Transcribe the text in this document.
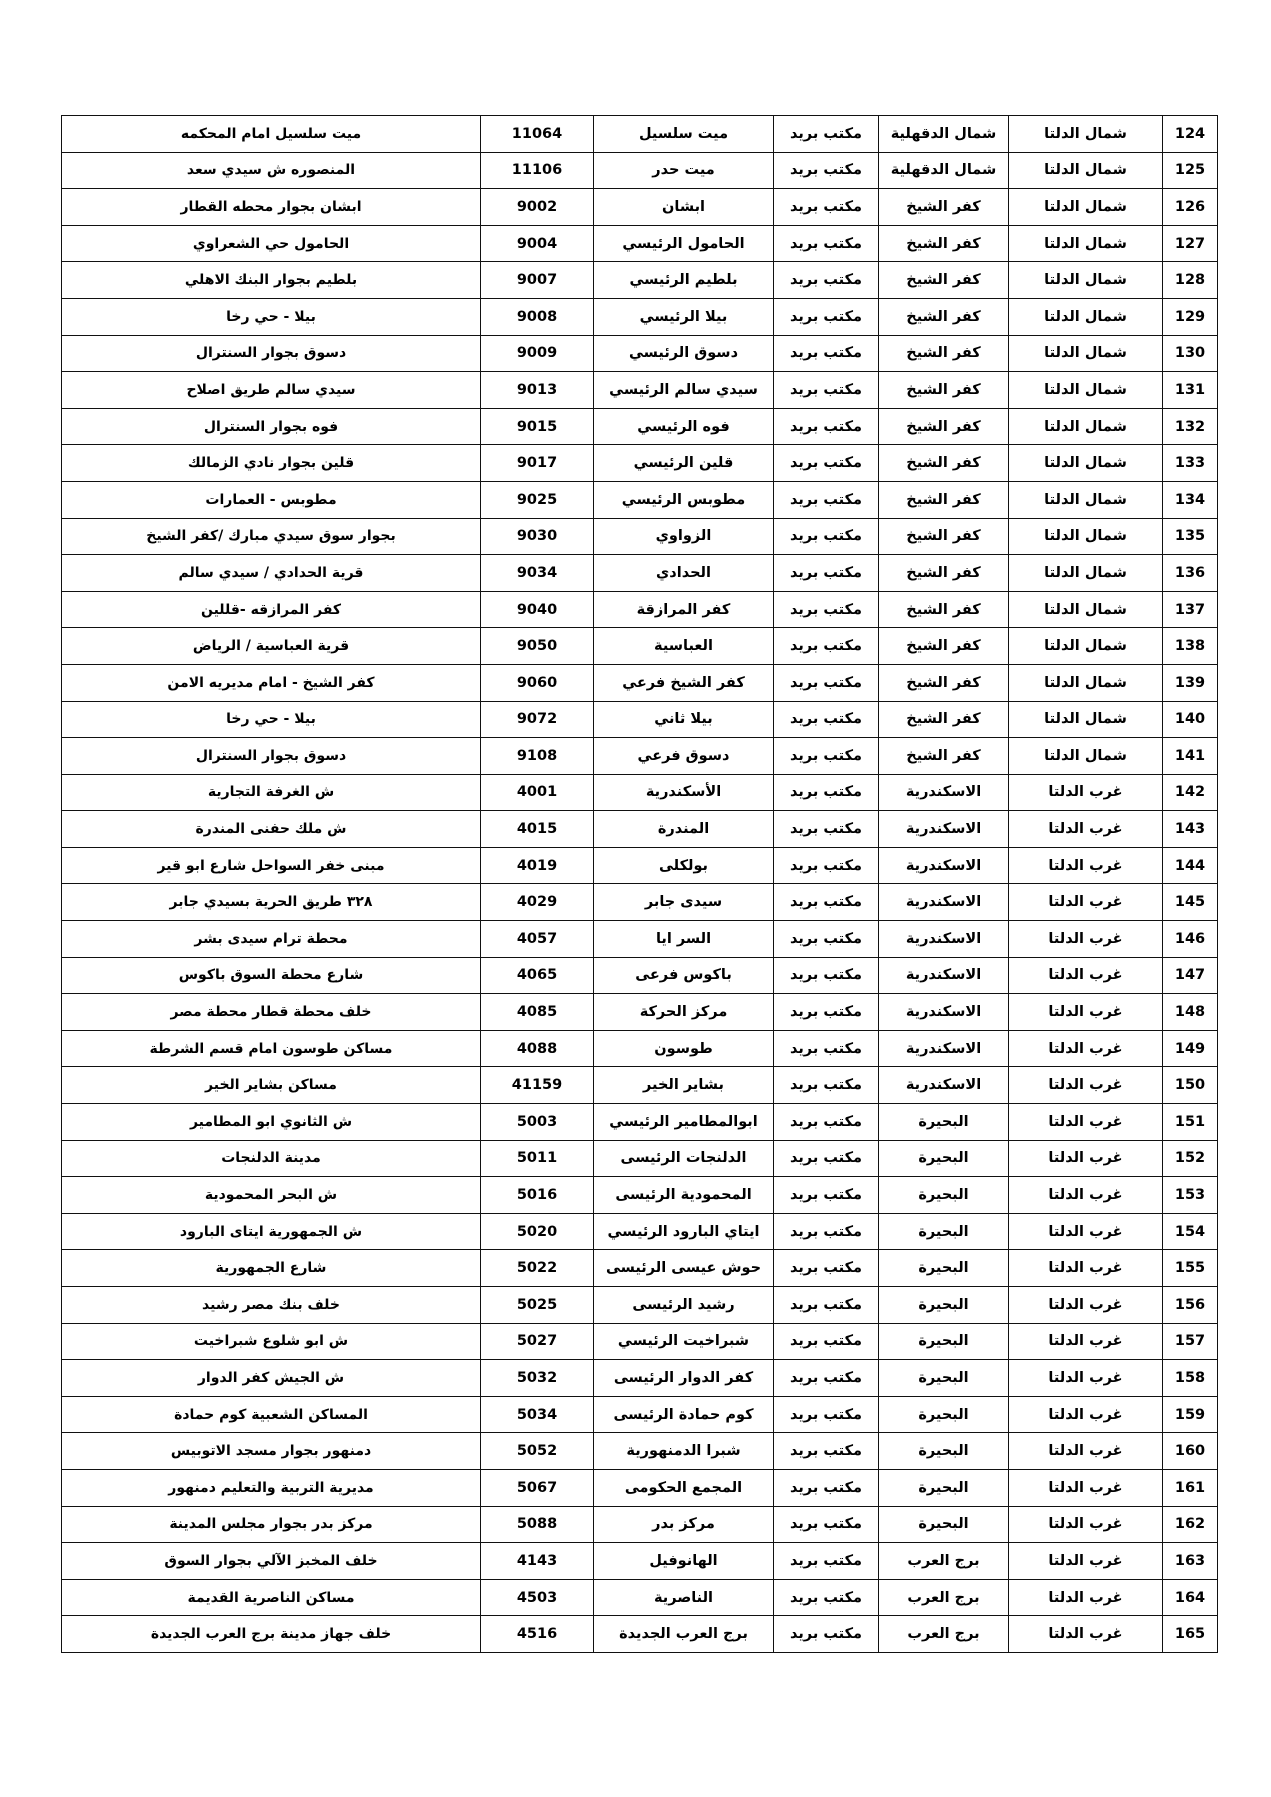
124	شمال الدلتا	شمال الدقهلية	مكتب بريد	ميت سلسيل	11064	ميت سلسيل امام المحكمه
125	شمال الدلتا	شمال الدقهلية	مكتب بريد	ميت حدر	11106	المنصوره ش سيدي سعد
126	شمال الدلتا	كفر الشيخ	مكتب بريد	ابشان	9002	ابشان بجوار محطه القطار
127	شمال الدلتا	كفر الشيخ	مكتب بريد	الحامول الرئيسي	9004	الحامول حي الشعراوي
128	شمال الدلتا	كفر الشيخ	مكتب بريد	بلطيم الرئيسي	9007	بلطيم بجوار البنك الاهلي
129	شمال الدلتا	كفر الشيخ	مكتب بريد	بيلا الرئيسي	9008	بيلا - حي رخا
130	شمال الدلتا	كفر الشيخ	مكتب بريد	دسوق الرئيسي	9009	دسوق بجوار السنترال
131	شمال الدلتا	كفر الشيخ	مكتب بريد	سيدي سالم الرئيسي	9013	سيدي سالم طريق اصلاح
132	شمال الدلتا	كفر الشيخ	مكتب بريد	فوه الرئيسي	9015	فوه بجوار السنترال
133	شمال الدلتا	كفر الشيخ	مكتب بريد	قلين الرئيسي	9017	قلين بجوار نادي الزمالك
134	شمال الدلتا	كفر الشيخ	مكتب بريد	مطوبس الرئيسي	9025	مطوبس - العمارات
135	شمال الدلتا	كفر الشيخ	مكتب بريد	الزواوي	9030	بجوار سوق سيدي مبارك /كفر الشيخ
136	شمال الدلتا	كفر الشيخ	مكتب بريد	الحدادي	9034	قرية الحدادي / سيدي سالم
137	شمال الدلتا	كفر الشيخ	مكتب بريد	كفر المرازقة	9040	كفر المرازقه -قللين
138	شمال الدلتا	كفر الشيخ	مكتب بريد	العباسية	9050	قرية العباسية / الرياض
139	شمال الدلتا	كفر الشيخ	مكتب بريد	كفر الشيخ فرعي	9060	كفر الشيخ - امام مديريه الامن
140	شمال الدلتا	كفر الشيخ	مكتب بريد	بيلا ثاني	9072	بيلا - حي رخا
141	شمال الدلتا	كفر الشيخ	مكتب بريد	دسوق فرعي	9108	دسوق بجوار السنترال
142	غرب الدلتا	الاسكندرية	مكتب بريد	الأسكندرية	4001	ش الغرفة التجارية
143	غرب الدلتا	الاسكندرية	مكتب بريد	المندرة	4015	ش ملك حفنى المندرة
144	غرب الدلتا	الاسكندرية	مكتب بريد	بولكلى	4019	مبنى خفر السواحل شارع ابو قير
145	غرب الدلتا	الاسكندرية	مكتب بريد	سيدى جابر	4029	٣٢٨ طريق الحرية بسيدي جابر
146	غرب الدلتا	الاسكندرية	مكتب بريد	السر ايا	4057	محطة ترام سيدى بشر
147	غرب الدلتا	الاسكندرية	مكتب بريد	باكوس فرعى	4065	شارع محطة السوق باكوس
148	غرب الدلتا	الاسكندرية	مكتب بريد	مركز الحركة	4085	خلف محطة قطار محطة مصر
149	غرب الدلتا	الاسكندرية	مكتب بريد	طوسون	4088	مساكن طوسون امام قسم الشرطة
150	غرب الدلتا	الاسكندرية	مكتب بريد	بشاير الخير	41159	مساكن بشاير الخير
151	غرب الدلتا	البحيرة	مكتب بريد	ابوالمطامير الرئيسي	5003	ش الثانوي ابو المطامير
152	غرب الدلتا	البحيرة	مكتب بريد	الدلنجات الرئيسى	5011	مدينة الدلنجات
153	غرب الدلتا	البحيرة	مكتب بريد	المحمودية الرئيسى	5016	ش البحر المحمودية
154	غرب الدلتا	البحيرة	مكتب بريد	ايتاي البارود الرئيسي	5020	ش الجمهورية ايتاى البارود
155	غرب الدلتا	البحيرة	مكتب بريد	حوش عيسى الرئيسى	5022	شارع الجمهورية
156	غرب الدلتا	البحيرة	مكتب بريد	رشيد الرئيسى	5025	خلف بنك مصر رشيد
157	غرب الدلتا	البحيرة	مكتب بريد	شبراخيت الرئيسي	5027	ش ابو شلوع شبراخيت
158	غرب الدلتا	البحيرة	مكتب بريد	كفر الدوار الرئيسى	5032	ش الجيش كفر الدوار
159	غرب الدلتا	البحيرة	مكتب بريد	كوم حمادة الرئيسى	5034	المساكن الشعبية كوم حمادة
160	غرب الدلتا	البحيرة	مكتب بريد	شبرا الدمنهورية	5052	دمنهور بجوار مسجد الاتوبيس
161	غرب الدلتا	البحيرة	مكتب بريد	المجمع الحكومى	5067	مديرية التربية والتعليم دمنهور
162	غرب الدلتا	البحيرة	مكتب بريد	مركز بدر	5088	مركز بدر بجوار مجلس المدينة
163	غرب الدلتا	برج العرب	مكتب بريد	الهانوفيل	4143	خلف المخبز الآلي بجوار السوق
164	غرب الدلتا	برج العرب	مكتب بريد	الناصرية	4503	مساكن الناصرية القديمة
165	غرب الدلتا	برج العرب	مكتب بريد	برج العرب الجديدة	4516	خلف جهاز مدينة برج العرب الجديدة
